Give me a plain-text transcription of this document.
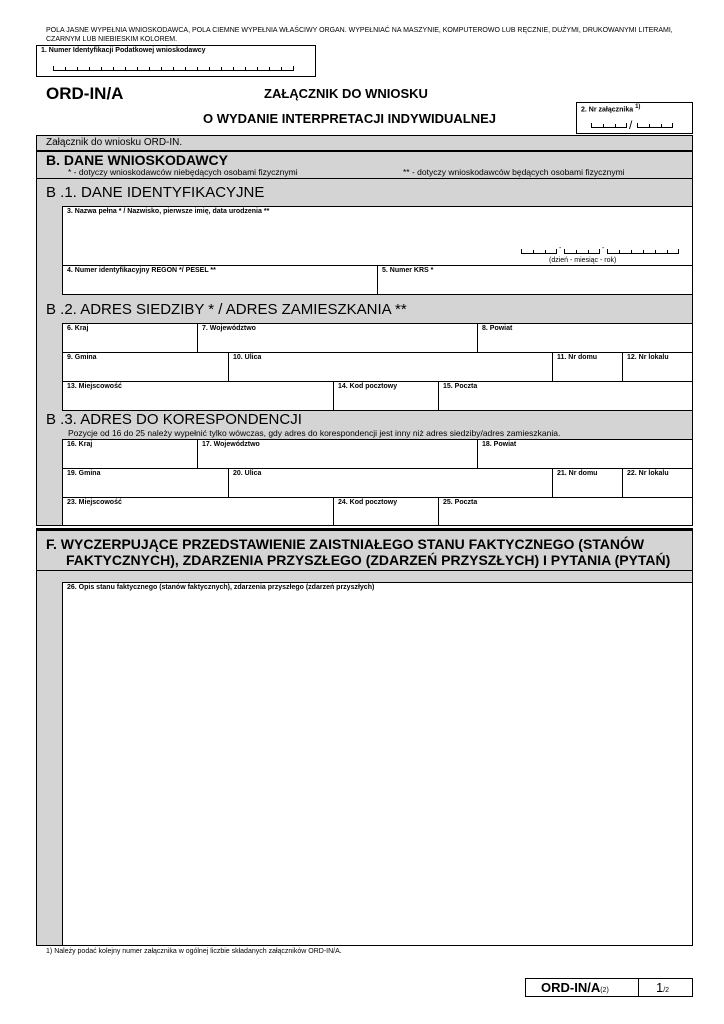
POLA JASNE WYPEŁNIA WNIOSKODAWCA, POLA CIEMNE WYPEŁNIA WŁAŚCIWY ORGAN. WYPEŁNIAĆ NA MASZYNIE, KOMPUTEROWO LUB RĘCZNIE, DUŻYMI, DRUKOWANYMI LITERAMI, CZARNYM LUB NIEBIESKIM KOLOREM.
1. Numer Identyfikacji Podatkowej wnioskodawcy
ORD-IN/A	ZAŁĄCZNIK DO WNIOSKU
O WYDANIE INTERPRETACJI INDYWIDUALNEJ
2. Nr załącznika $^{1)}$
/
Załącznik do wniosku ORD-IN.
B. DANE WNIOSKODAWCY
* - dotyczy wnioskodawców niebędących osobami fizycznymi	** - dotyczy wnioskodawców będących osobami fizycznymi
B .1. DANE IDENTYFIKACYJNE
3. Nazwa pełna * / Nazwisko, pierwsze imię, data urodzenia **
-	-
(dzień - miesiąc - rok)
4. Numer identyfikacyjny REGON */ PESEL **	5. Numer KRS *
B .2. ADRES SIEDZIBY * / ADRES ZAMIESZKANIA **
6. Kraj	7. Województwo	8. Powiat
9. Gmina	10. Ulica	11. Nr domu	12. Nr lokalu
13. Miejscowość	14. Kod pocztowy	15. Poczta
B .3. ADRES DO KORESPONDENCJI
Pozycje od 16 do 25 należy wypełnić tylko wówczas, gdy adres do korespondencji jest inny niż adres siedziby/adres zamieszkania.
16. Kraj	17. Województwo	18. Powiat
19. Gmina	20. Ulica	21. Nr domu	22. Nr lokalu
23. Miejscowość	24. Kod pocztowy	25. Poczta
F. WYCZERPUJĄCE PRZEDSTAWIENIE ZAISTNIAŁEGO STANU FAKTYCZNEGO (STANÓW
FAKTYCZNYCH), ZDARZENIA PRZYSZŁEGO (ZDARZEŃ PRZYSZŁYCH) I PYTANIA (PYTAŃ)
26. Opis stanu faktycznego (stanów faktycznych), zdarzenia przyszłego (zdarzeń przyszłych)
1) Należy podać kolejny numer załącznika w ogólnej liczbie składanych załączników ORD-IN/A.
ORD-IN/A(2)	1/2
